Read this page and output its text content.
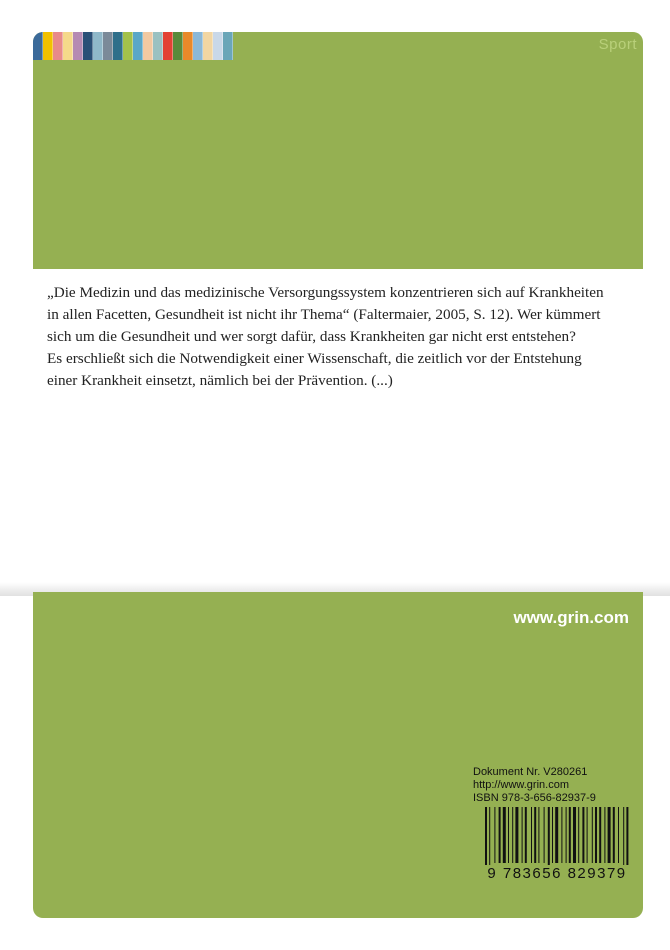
Sport
„Die Medizin und das medizinische Versorgungssystem konzentrieren sich auf Krankheiten
in allen Facetten, Gesundheit ist nicht ihr Thema“ (Faltermaier, 2005, S. 12). Wer kümmert
sich um die Gesundheit und wer sorgt dafür, dass Krankheiten gar nicht erst entstehen?
Es erschließt sich die Notwendigkeit einer Wissenschaft, die zeitlich vor der Entstehung
einer Krankheit einsetzt, nämlich bei der Prävention. (...)
www.grin.com
Dokument Nr. V280261
http://www.grin.com
ISBN 978-3-656-82937-9
9 783656 829379
